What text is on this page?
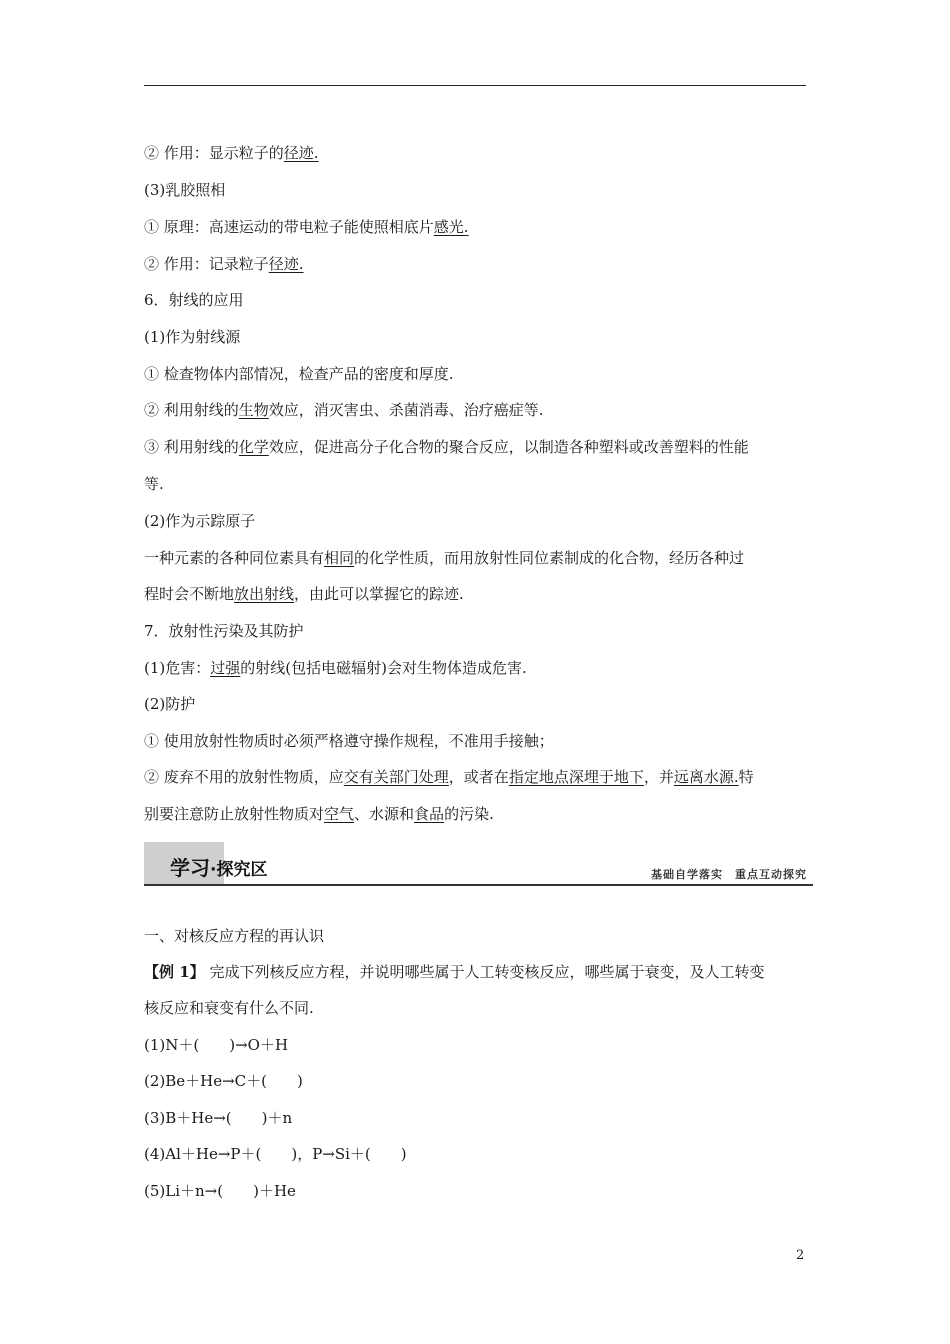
② 作用：显示粒子的径迹.
(3)乳胶照相
① 原理：高速运动的带电粒子能使照相底片感光.
② 作用：记录粒子径迹.
6．射线的应用
(1)作为射线源
① 检查物体内部情况，检查产品的密度和厚度.
② 利用射线的生物效应，消灭害虫、杀菌消毒、治疗癌症等.
③ 利用射线的化学效应，促进高分子化合物的聚合反应，以制造各种塑料或改善塑料的性能
等.
(2)作为示踪原子
一种元素的各种同位素具有相同的化学性质，而用放射性同位素制成的化合物，经历各种过
程时会不断地放出射线，由此可以掌握它的踪迹.
7．放射性污染及其防护
(1)危害：过强的射线(包括电磁辐射)会对生物体造成危害.
(2)防护
① 使用放射性物质时必须严格遵守操作规程，不准用手接触；
② 废弃不用的放射性物质，应交有关部门处理，或者在指定地点深埋于地下，并远离水源.特
别要注意防止放射性物质对空气、水源和食品的污染.
一、对核反应方程的再认识
【例 1】 完成下列核反应方程，并说明哪些属于人工转变核反应，哪些属于衰变，及人工转变
核反应和衰变有什么不同.
(1)N＋(　　)→O＋H
(2)Be＋He→C＋(　　)
(3)B＋He→(　　)＋n
(4)Al＋He→P＋(　　)，P→Si＋(　　)
(5)Li＋n→(　　)＋He
学习·探究区	基础自学落实　重点互动探究
2
